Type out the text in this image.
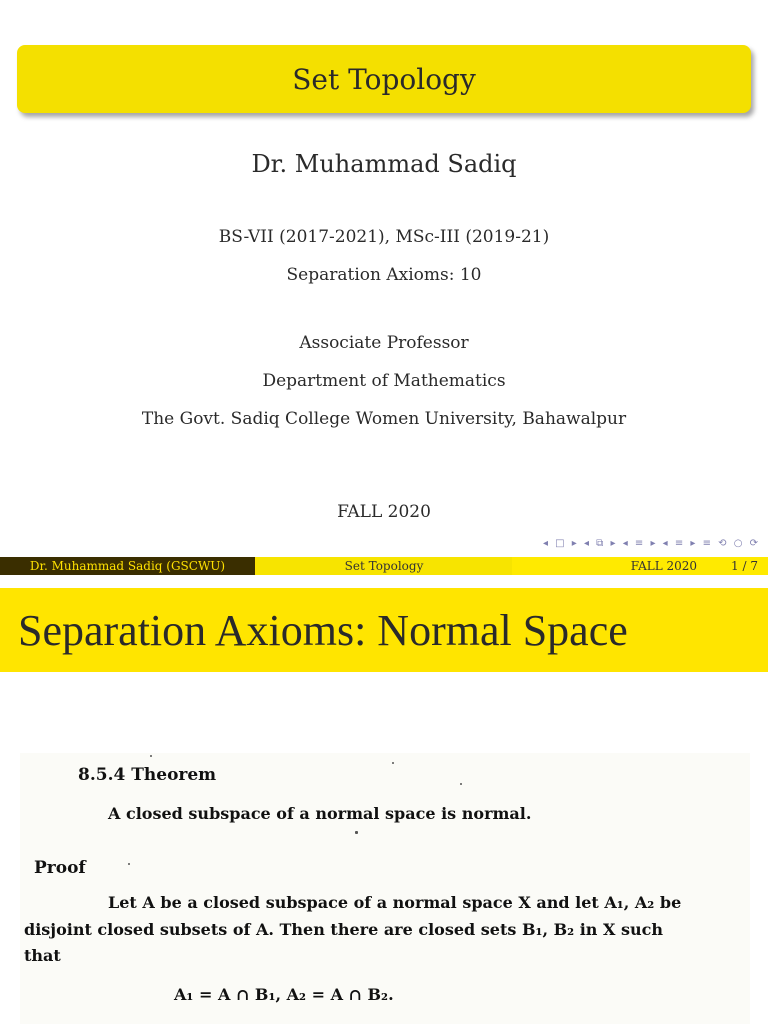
Set Topology
Dr. Muhammad Sadiq
BS-VII (2017-2021), MSc-III (2019-21)
Separation Axioms: 10
Associate Professor
Department of Mathematics
The Govt. Sadiq College Women University, Bahawalpur
FALL 2020
◂ □ ▸ ◂ ⧉ ▸ ◂ ≡ ▸ ◂ ≡ ▸ ≡ ⟲ ○ ⟳
Dr. Muhammad Sadiq (GSCWU)	Set Topology	FALL 2020	1 / 7
Separation Axioms: Normal Space
8.5.4 Theorem
A closed subspace of a normal space is normal.
Proof
Let A be a closed subspace of a normal space X and let A₁, A₂ be
disjoint closed subsets of A. Then there are closed sets B₁, B₂ in X such
that
A₁ = A ∩ B₁, A₂ = A ∩ B₂.
